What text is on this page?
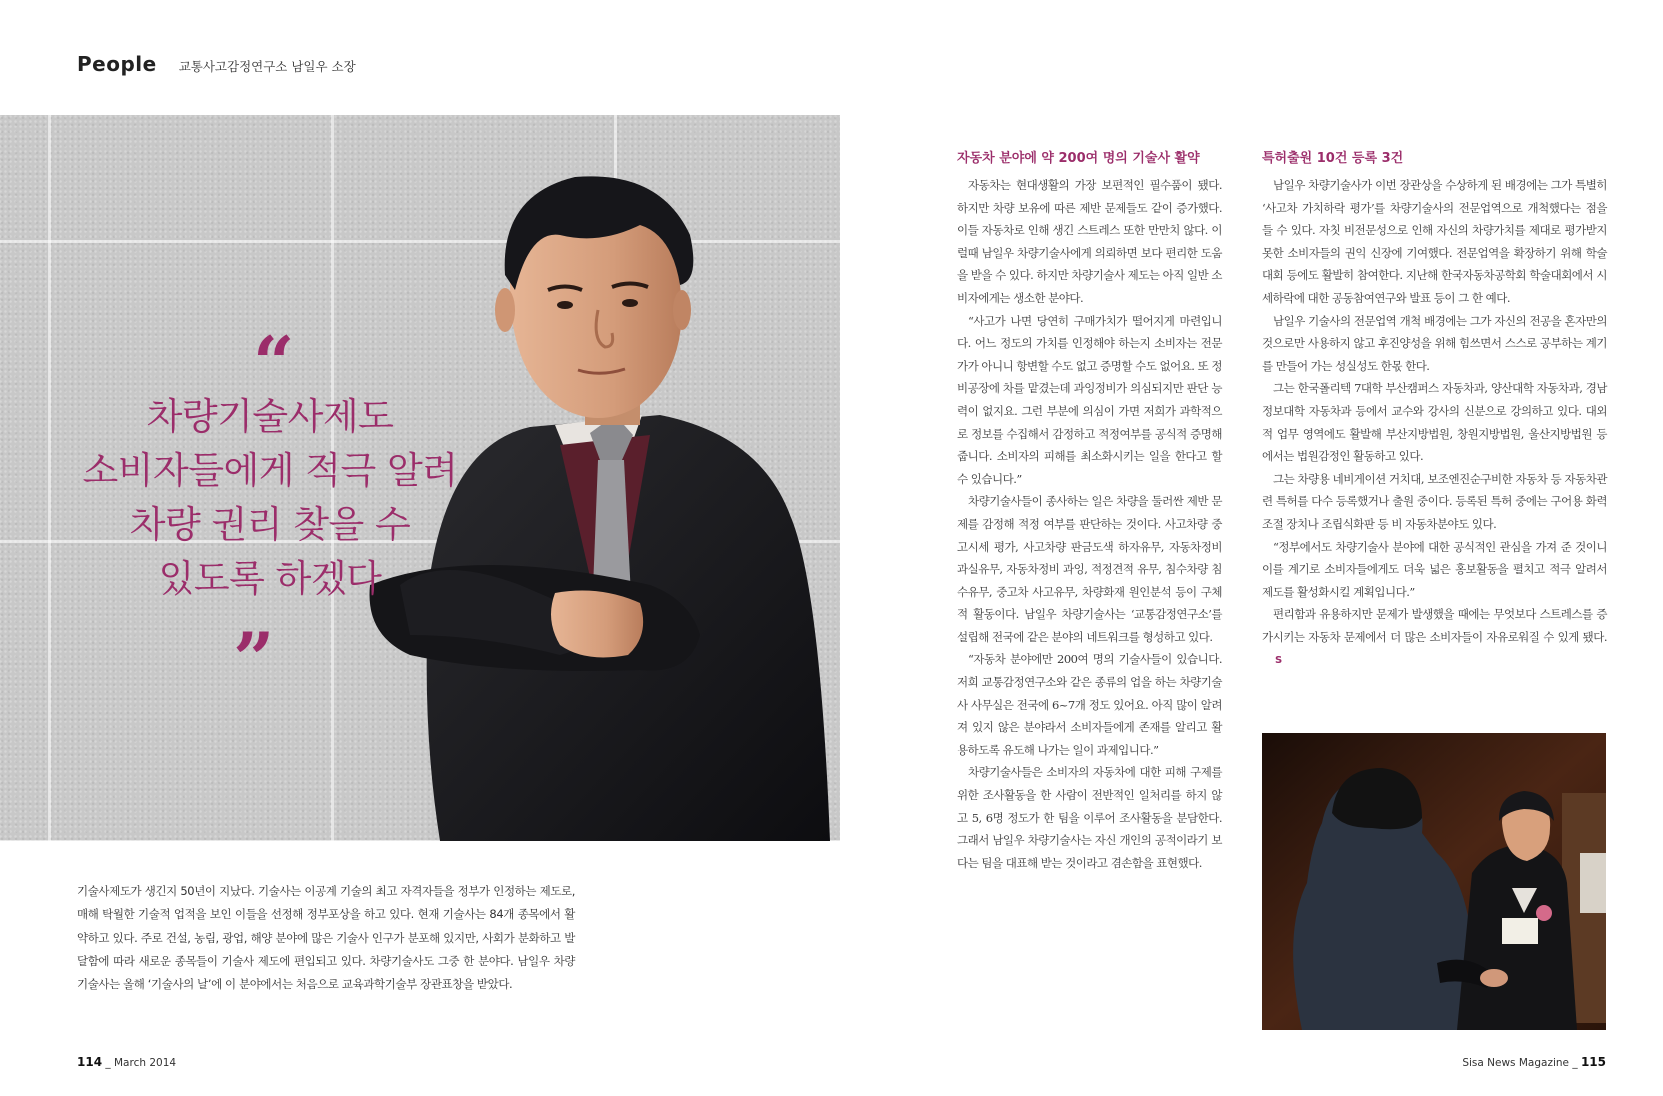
People 교통사고감정연구소 남일우 소장
“
차량기술사제도
소비자들에게 적극 알려
차량 권리 찾을 수
있도록 하겠다
”
기술사제도가 생긴지 50년이 지났다. 기술사는 이공계 기술의 최고 자격자들을 정부가 인정하는 제도로, 매해 탁월한 기술적 업적을 보인 이들을 선정해 정부포상을 하고 있다. 현재 기술사는 84개 종목에서 활약하고 있다. 주로 건설, 농림, 광업, 해양 분야에 많은 기술사 인구가 분포해 있지만, 사회가 분화하고 발달함에 따라 새로운 종목들이 기술사 제도에 편입되고 있다. 차량기술사도 그중 한 분야다. 남일우 차량기술사는 올해 ‘기술사의 날’에 이 분야에서는 처음으로 교육과학기술부 장관표창을 받았다.
자동차 분야에 약 200여 명의 기술사 활약

자동차는 현대생활의 가장 보편적인 필수품이 됐다. 하지만 차량 보유에 따른 제반 문제들도 같이 증가했다. 이들 자동차로 인해 생긴 스트레스 또한 만만치 않다. 이럴때 남일우 차량기술사에게 의뢰하면 보다 편리한 도움을 받을 수 있다. 하지만 차량기술사 제도는 아직 일반 소비자에게는 생소한 분야다.

“사고가 나면 당연히 구매가치가 떨어지게 마련입니다. 어느 정도의 가치를 인정해야 하는지 소비자는 전문가가 아니니 항변할 수도 없고 증명할 수도 없어요. 또 정비공장에 차를 맡겼는데 과잉정비가 의심되지만 판단 능력이 없지요. 그런 부분에 의심이 가면 저희가 과학적으로 정보를 수집해서 감정하고 적정여부를 공식적 증명해 줍니다. 소비자의 피해를 최소화시키는 일을 한다고 할 수 있습니다.”

차량기술사들이 종사하는 일은 차량을 둘러싼 제반 문제를 감정해 적정 여부를 판단하는 것이다. 사고차량 중고시세 평가, 사고차량 판금도색 하자유무, 자동차정비 과실유무, 자동차정비 과잉, 적정견적 유무, 침수차량 침수유무, 중고차 사고유무, 차량화재 원인분석 등이 구체적 활동이다. 남일우 차량기술사는 ‘교통감정연구소’를 설립해 전국에 같은 분야의 네트워크를 형성하고 있다.

“자동차 분야에만 200여 명의 기술사들이 있습니다. 저희 교통감정연구소와 같은 종류의 업을 하는 차량기술사 사무실은 전국에 6~7개 정도 있어요. 아직 많이 알려져 있지 않은 분야라서 소비자들에게 존재를 알리고 활용하도록 유도해 나가는 일이 과제입니다.”

차량기술사들은 소비자의 자동차에 대한 피해 구제를 위한 조사활동을 한 사람이 전반적인 일처리를 하지 않고 5, 6명 정도가 한 팀을 이루어 조사활동을 분담한다. 그래서 남일우 차량기술사는 자신 개인의 공적이라기 보다는 팀을 대표해 받는 것이라고 겸손함을 표현했다.

특허출원 10건 등록 3건

남일우 차량기술사가 이번 장관상을 수상하게 된 배경에는 그가 특별히 ‘사고차 가치하락 평가’를 차량기술사의 전문업역으로 개척했다는 점을 들 수 있다. 자칫 비전문성으로 인해 자신의 차량가치를 제대로 평가받지 못한 소비자들의 권익 신장에 기여했다. 전문업역을 확장하기 위해 학술대회 등에도 활발히 참여한다. 지난해 한국자동차공학회 학술대회에서 시세하락에 대한 공동참여연구와 발표 등이 그 한 예다.

남일우 기술사의 전문업역 개척 배경에는 그가 자신의 전공을 혼자만의 것으로만 사용하지 않고 후진양성을 위해 힘쓰면서 스스로 공부하는 계기를 만들어 가는 성실성도 한몫 한다.

그는 한국폴리텍 7대학 부산캠퍼스 자동차과, 양산대학 자동차과, 경남정보대학 자동차과 등에서 교수와 강사의 신분으로 강의하고 있다. 대외적 업무 영역에도 활발해 부산지방법원, 창원지방법원, 울산지방법원 등에서는 법원감정인 활동하고 있다.

그는 차량용 네비게이션 거치대, 보조엔진순구비한 자동차 등 자동차관련 특허를 다수 등록했거나 출원 중이다. 등록된 특허 중에는 구어용 화력조절 장치나 조립식화판 등 비 자동차분야도 있다.

“정부에서도 차량기술사 분야에 대한 공식적인 관심을 가져 준 것이니 이를 계기로 소비자들에게도 더욱 넓은 홍보활동을 펼치고 적극 알려서 제도를 활성화시킬 계획입니다.”

편리함과 유용하지만 문제가 발생했을 때에는 무엇보다 스트레스를 증가시키는 자동차 문제에서 더 많은 소비자들이 자유로워질 수 있게 됐다.S

114 _ March 2014	Sisa News Magazine _ 115
